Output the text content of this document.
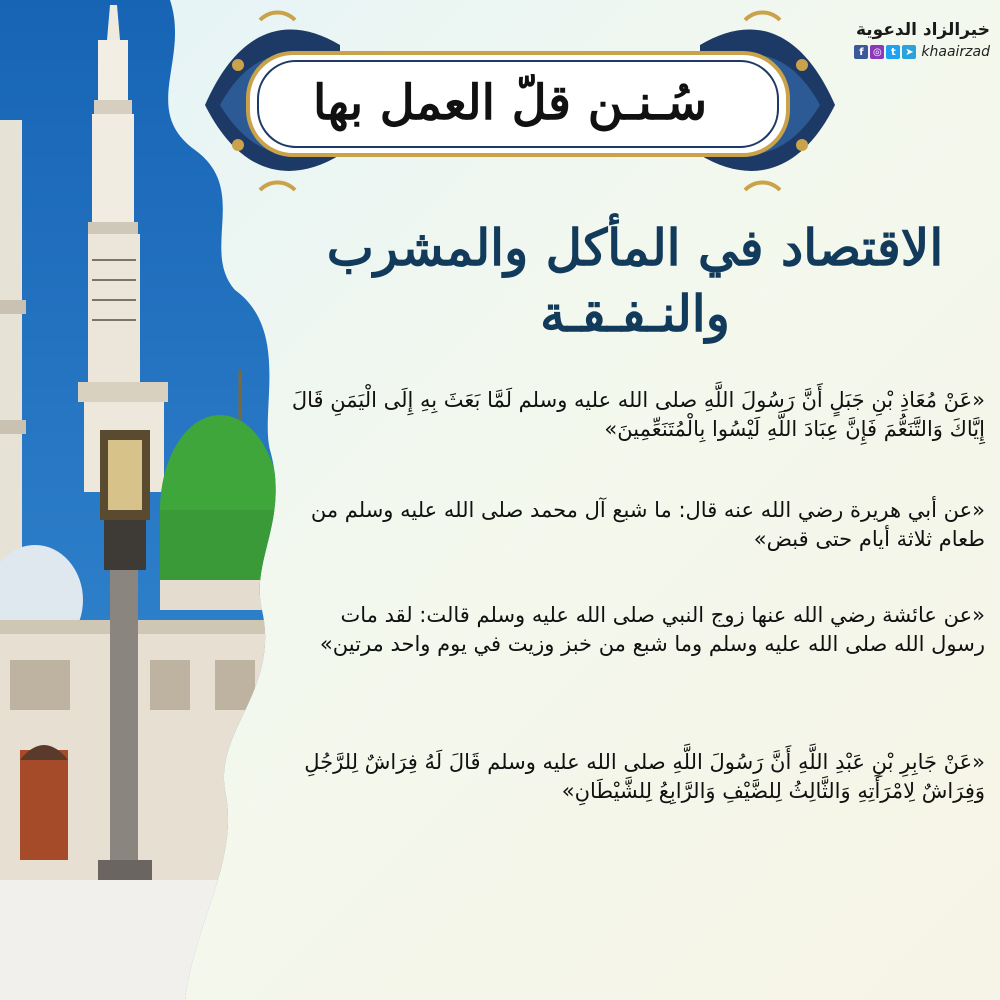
خيرالزاد الدعوية
f ◎ t ➤ khaairzad
سُـنـن قلّ العمل بها
الاقتصاد في المأكل والمشرب والنـفـقـة
«عَنْ مُعَاذِ بْنِ جَبَلٍ أَنَّ رَسُولَ اللَّهِ صلى الله عليه وسلم لَمَّا بَعَثَ بِهِ إِلَى الْيَمَنِ قَالَ إِيَّاكَ وَالتَّنَعُّمَ فَإِنَّ عِبَادَ اللَّهِ لَيْسُوا بِالْمُتَنَعِّمِينَ»
«عن أبي هريرة رضي الله عنه قال: ما شبع آل محمد صلى الله عليه وسلم من طعام ثلاثة أيام حتى قبض»
«عن عائشة رضي الله عنها زوج النبي صلى الله عليه وسلم قالت: لقد مات رسول الله صلى الله عليه وسلم وما شبع من خبز وزيت في يوم واحد مرتين»
«عَنْ جَابِرِ بْنِ عَبْدِ اللَّهِ أَنَّ رَسُولَ اللَّهِ صلى الله عليه وسلم قَالَ لَهُ فِرَاشٌ لِلرَّجُلِ وَفِرَاشٌ لِامْرَأَتِهِ وَالثَّالِثُ لِلضَّيْفِ وَالرَّابِعُ لِلشَّيْطَانِ»
